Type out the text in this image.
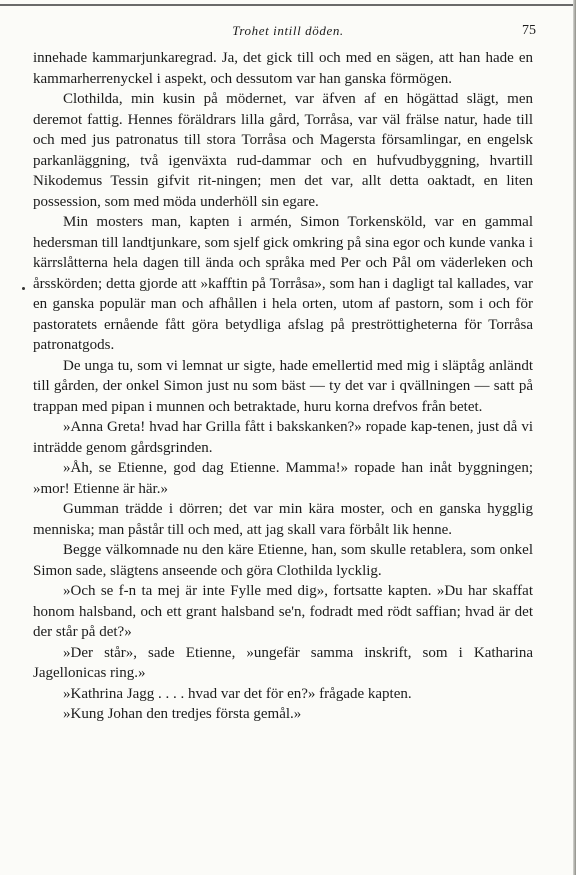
Trohet intill döden.	75

innehade kammarjunkaregrad. Ja, det gick till och med en sägen, att han hade en kammarherrenyckel i aspekt, och dessutom var han ganska förmögen.

Clothilda, min kusin på mödernet, var äfven af en högättad slägt, men deremot fattig. Hennes föräldrars lilla gård, Torråsa, var väl frälse natur, hade till och med jus patronatus till stora Torråsa och Magersta församlingar, en engelsk parkanläggning, två igenväxta rud-dammar och en hufvudbyggning, hvartill Nikodemus Tessin gifvit rit-ningen; men det var, allt detta oaktadt, en liten possession, som med möda underhöll sin egare.

Min mosters man, kapten i armén, Simon Torkensköld, var en gammal hedersman till landtjunkare, som sjelf gick omkring på sina egor och kunde vanka i kärrslåtterna hela dagen till ända och språka med Per och Pål om väderleken och årsskörden; detta gjorde att »kafftin på Torråsa», som han i dagligt tal kallades, var en ganska populär man och afhållen i hela orten, utom af pastorn, som i och för pastoratets ernående fått göra betydliga afslag på preströttigheterna för Torråsa patronatgods.

De unga tu, som vi lemnat ur sigte, hade emellertid med mig i släptåg anländt till gården, der onkel Simon just nu som bäst — ty det var i qvällningen — satt på trappan med pipan i munnen och betraktade, huru korna drefvos från betet.

»Anna Greta! hvad har Grilla fått i bakskanken?» ropade kap-tenen, just då vi inträdde genom gårdsgrinden.

»Åh, se Etienne, god dag Etienne. Mamma!» ropade han inåt byggningen; »mor! Etienne är här.»

Gumman trädde i dörren; det var min kära moster, och en ganska hygglig menniska; man påstår till och med, att jag skall vara förbålt lik henne.

Begge välkomnade nu den käre Etienne, han, som skulle retablera, som onkel Simon sade, slägtens anseende och göra Clothilda lycklig.

»Och se f-n ta mej är inte Fylle med dig», fortsatte kapten. »Du har skaffat honom halsband, och ett grant halsband se'n, fodradt med rödt saffian; hvad är det der står på det?»

»Der står», sade Etienne, »ungefär samma inskrift, som i Katharina Jagellonicas ring.»

»Kathrina Jagg . . . . hvad var det för en?» frågade kapten.

»Kung Johan den tredjes första gemål.»
